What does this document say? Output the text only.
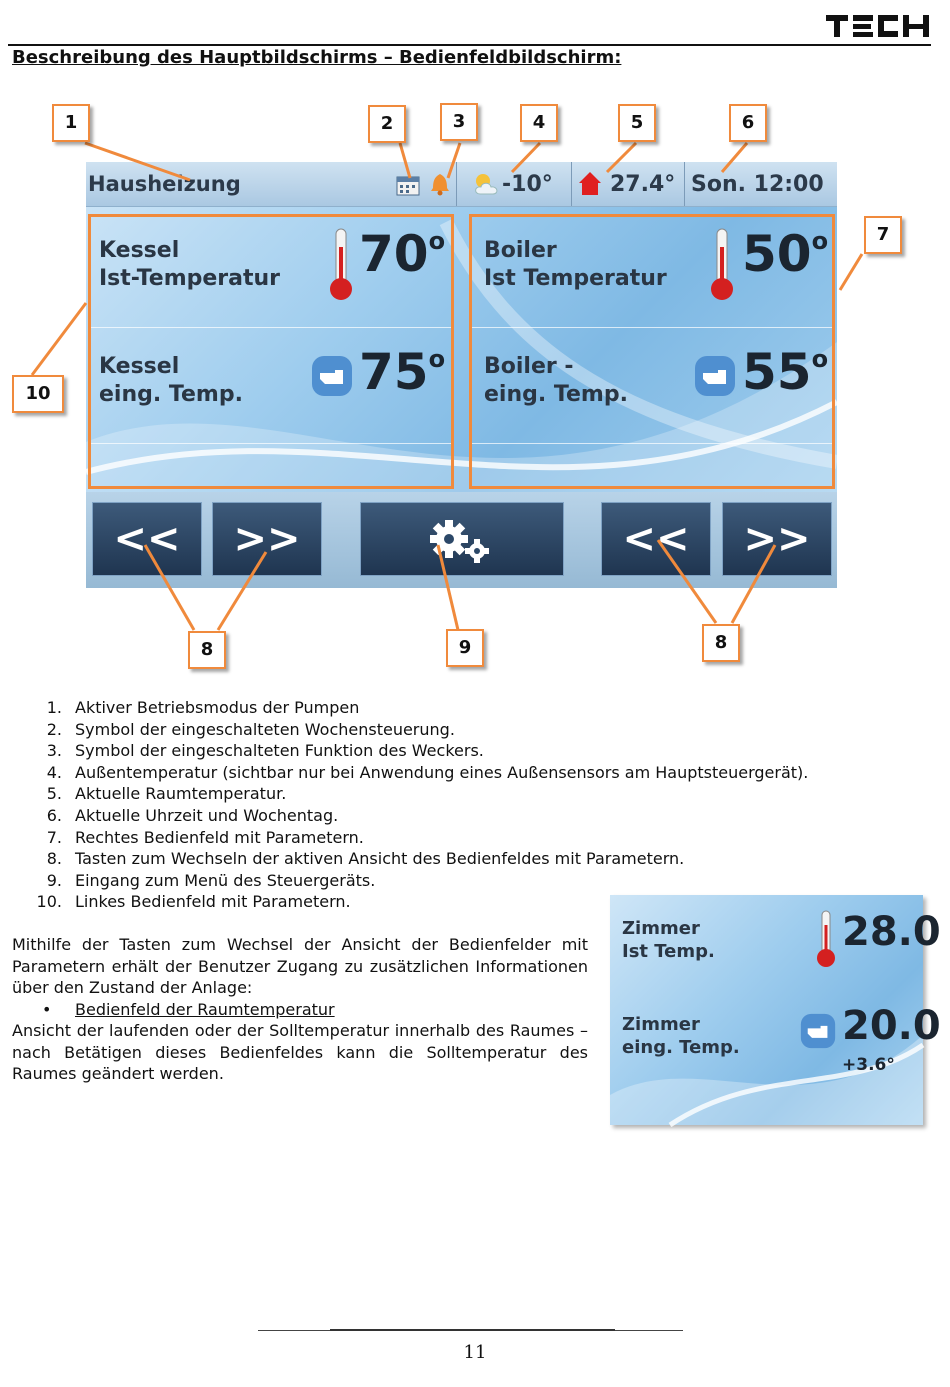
Beschreibung des Hauptbildschirms – Bedienfeldbildschirm:
Hausheizung	-10°	27.4° Son. 12:00
Kessel
Ist-Temperatur 70$^o$
Kessel
eing. Temp. 75$^o$
Boiler
Ist Temperatur 50$^o$
Boiler -
eing. Temp. $55^o$
<<	>>	<<	>>
1	2	3	4	5	6
7
8	9	8
10
1. Aktiver Betriebsmodus der Pumpen
2. Symbol der eingeschalteten Wochensteuerung.
3. Symbol der eingeschalteten Funktion des Weckers.
4. Außentemperatur (sichtbar nur bei Anwendung eines Außensensors am Hauptsteuergerät).
5. Aktuelle Raumtemperatur.
6. Aktuelle Uhrzeit und Wochentag.
7. Rechtes Bedienfeld mit Parametern.
8. Tasten zum Wechseln der aktiven Ansicht des Bedienfeldes mit Parametern.
9. Eingang zum Menü des Steuergeräts.
10. Linkes Bedienfeld mit Parametern.

Mithilfe der Tasten zum Wechsel der Ansicht der Bedienfelder mit Parametern erhält der Benutzer Zugang zu zusätzlichen Informationen über den Zustand der Anlage:

• Bedienfeld der Raumtemperatur

Ansicht der laufenden oder der Solltemperatur innerhalb des Raumes – nach Betätigen dieses Bedienfeldes kann die Solltemperatur des Raumes geändert werden.

Zimmer
Ist Temp.	28.0
Zimmer
eing. Temp.	20.0
+3.6°
11
